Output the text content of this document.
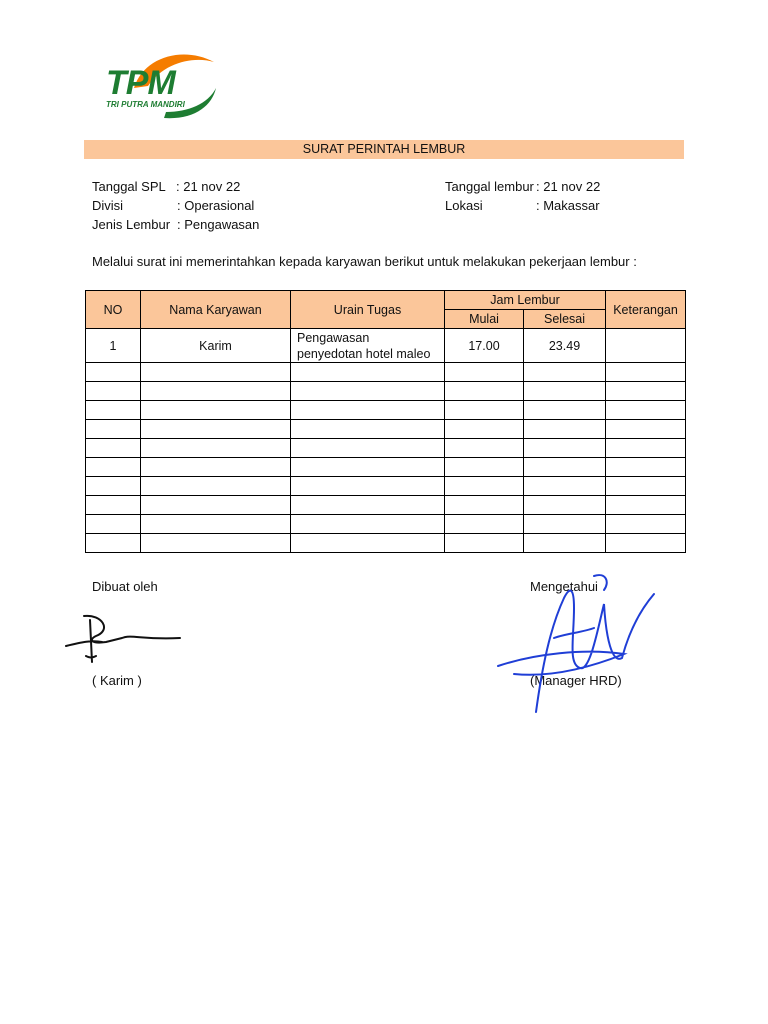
TPM
TRI PUTRA MANDIRI
SURAT PERINTAH LEMBUR
Tanggal SPL : 21 nov 22
Divisi	: Operasional
Jenis Lembur : Pengawasan
Tanggal lembur : 21 nov 22
Lokasi	: Makassar
Melalui surat ini memerintahkan kepada karyawan berikut untuk melakukan pekerjaan lembur :
NO	Nama Karyawan	Urain Tugas	Jam Lembur		Keterangan
			Mulai	Selesai	
1	Karim	Pengawasan
penyedotan hotel maleo	17.00	23.49	

Dibuat oleh
( Karim )
Mengetahui
(Manager HRD)
